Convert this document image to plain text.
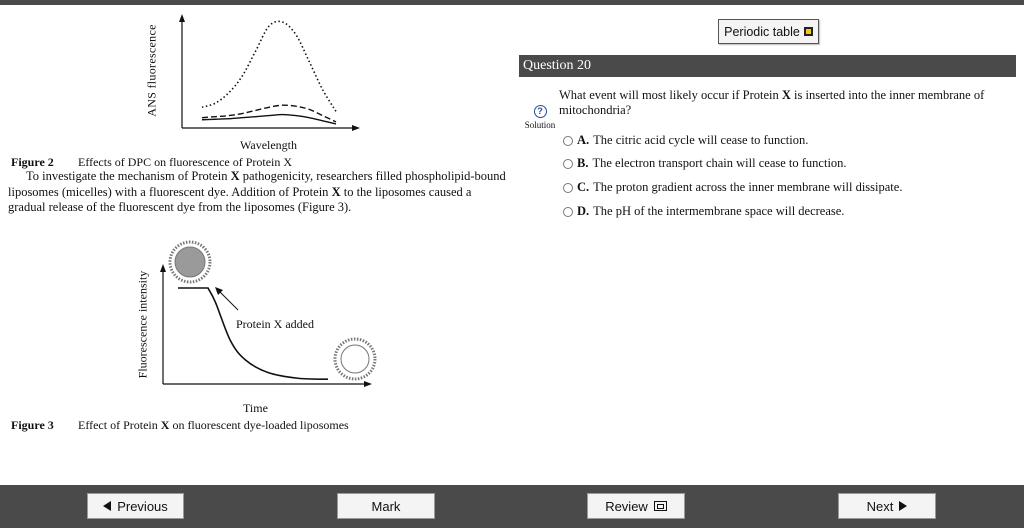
ANS fluorescence
Wavelength
Figure 2 Effects of DPC on fluorescence of Protein X
To investigate the mechanism of Protein X pathogenicity, researchers filled phospholipid-bound liposomes (micelles) with a fluorescent dye. Addition of Protein X to the liposomes caused a gradual release of the fluorescent dye from the liposomes (Figure 3).
Fluorescence intensity	Protein X added
Time
Figure 3 Effect of Protein X on fluorescent dye-loaded liposomes
Periodic table
Question 20
?
Solution
What event will most likely occur if Protein X is inserted into the inner membrane of mitochondria?
A. The citric acid cycle will cease to function.
B. The electron transport chain will cease to function.
C. The proton gradient across the inner membrane will dissipate.
D. The pH of the intermembrane space will decrease.
Previous	Mark	Review	Next
